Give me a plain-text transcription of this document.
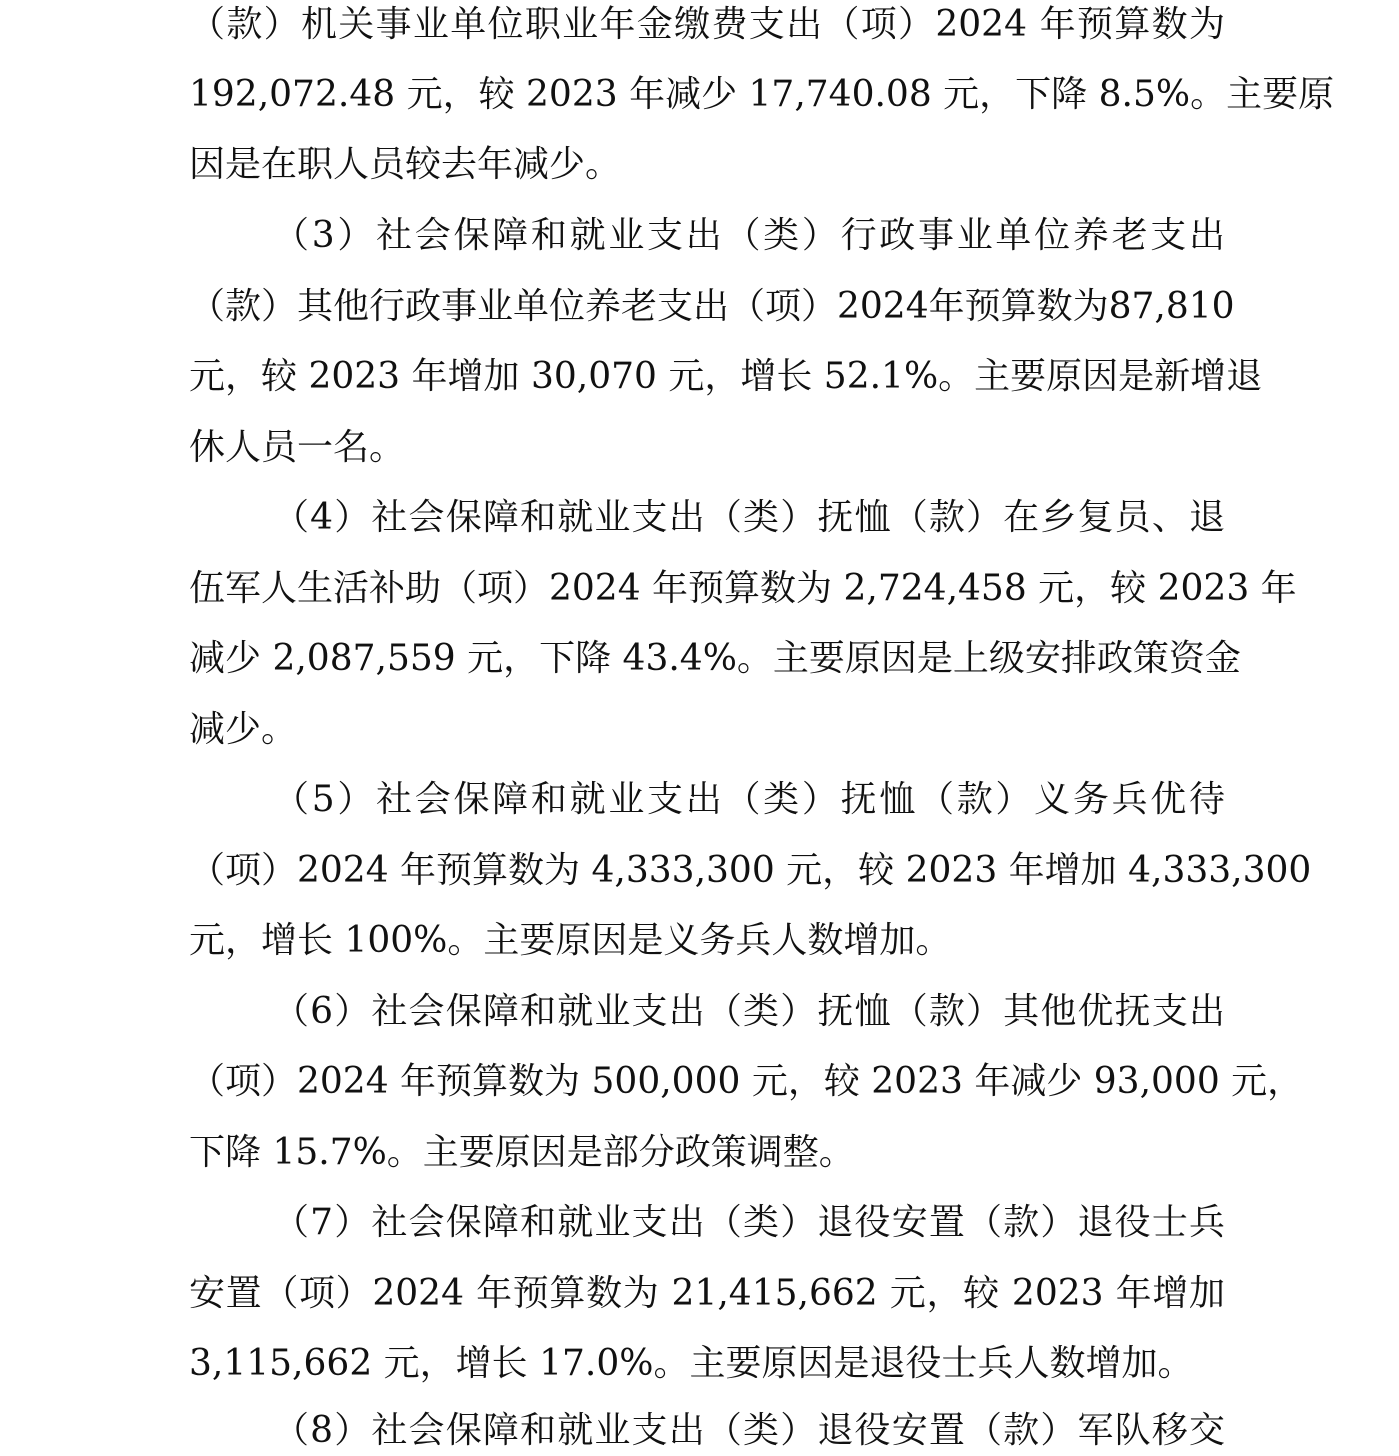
（款）机关事业单位职业年金缴费支出（项）2024 年预算数为
192,072.48 元，较 2023 年减少 17,740.08 元，下降 8.5%。主要原
因是在职人员较去年减少。
（3）社会保障和就业支出（类）行政事业单位养老支出
（款）其他行政事业单位养老支出（项）2024年预算数为87,810
元，较 2023 年增加 30,070 元，增长 52.1%。主要原因是新增退
休人员一名。
（4）社会保障和就业支出（类）抚恤（款）在乡复员、退
伍军人生活补助（项）2024 年预算数为 2,724,458 元，较 2023 年
减少 2,087,559 元，下降 43.4%。主要原因是上级安排政策资金
减少。
（5）社会保障和就业支出（类）抚恤（款）义务兵优待
（项）2024 年预算数为 4,333,300 元，较 2023 年增加 4,333,300
元，增长 100%。主要原因是义务兵人数增加。
（6）社会保障和就业支出（类）抚恤（款）其他优抚支出
（项）2024 年预算数为 500,000 元，较 2023 年减少 93,000 元，
下降 15.7%。主要原因是部分政策调整。
（7）社会保障和就业支出（类）退役安置（款）退役士兵
安置（项）2024 年预算数为 21,415,662 元，较 2023 年增加
3,115,662 元，增长 17.0%。主要原因是退役士兵人数增加。
（8）社会保障和就业支出（类）退役安置（款）军队移交
